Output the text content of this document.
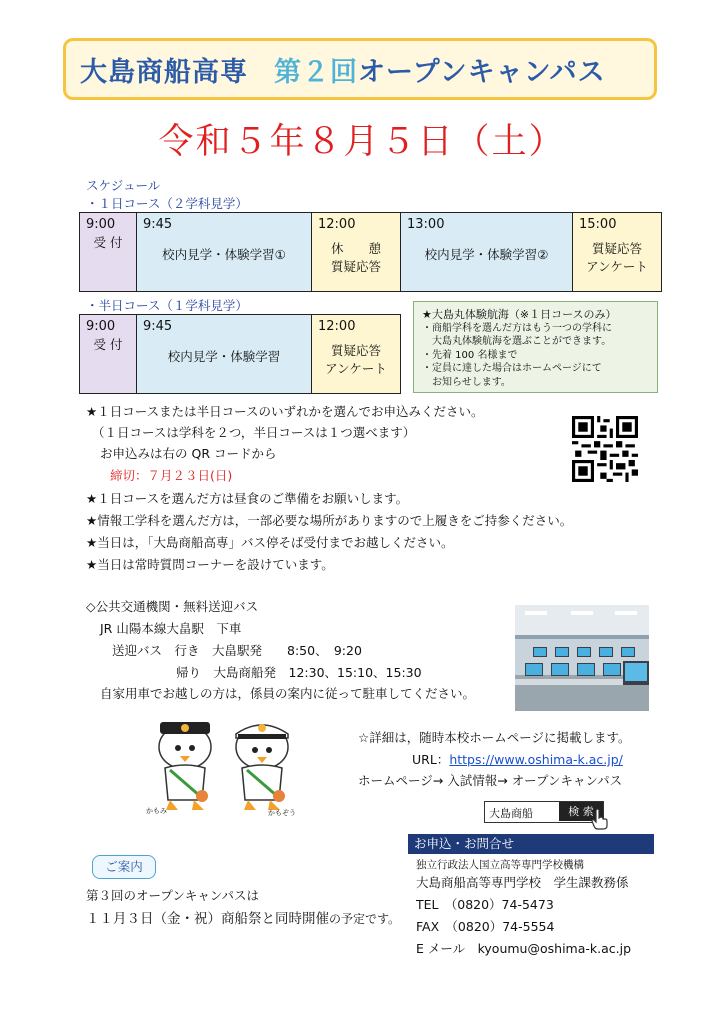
大島商船高専 第２回オープンキャンパス
令和５年８月５日（土）
スケジュール
・１日コース（２学科見学）
9:00
受 付

9:45
校内見学・体験学習①

12:00
休　　憩
質疑応答

13:00
校内見学・体験学習②

15:00
質疑応答
アンケート
・半日コース（１学科見学）
9:00
受 付

9:45
校内見学・体験学習

12:00
質疑応答
アンケート
★大島丸体験航海（※１日コースのみ）
・商船学科を選んだ方はもう一つの学科に
　大島丸体験航海を選ぶことができます。
・先着 100 名様まで
・定員に達した場合はホームページにて
　お知らせします。
★１日コースまたは半日コースのいずれかを選んでお申込みください。
（１日コースは学科を２つ，半日コースは１つ選べます）
お申込みは右の QR コードから
締切：７月２３日(日)
★１日コースを選んだ方は昼食のご準備をお願いします。
★情報工学科を選んだ方は，一部必要な場所がありますので上履きをご持参ください。
★当日は，「大島商船高専」バス停そば受付までお越しください。
★当日は常時質問コーナーを設けています。
◇公共交通機関・無料送迎バス
JR 山陽本線大畠駅　下車
送迎バス　行き　大畠駅発　　8:50、　9:20
帰り　大島商船発　12:30、15:10、15:30
自家用車でお越しの方は，係員の案内に従って駐車してください。
かもみ	かもぞう
☆詳細は，随時本校ホームページに掲載します。
URL：https://www.oshima-k.ac.jp/
ホームページ→ 入試情報→ オープンキャンパス
大島商船	検 索
お申込・お問合せ
独立行政法人国立高等専門学校機構
大島商船高等専門学校　学生課教務係
TEL　（0820）74-5473
FAX　（0820）74-5554
E メール　kyoumu@oshima-k.ac.jp
ご案内
第３回のオープンキャンパスは
１１月３日（金・祝）商船祭と同時開催の予定です。
